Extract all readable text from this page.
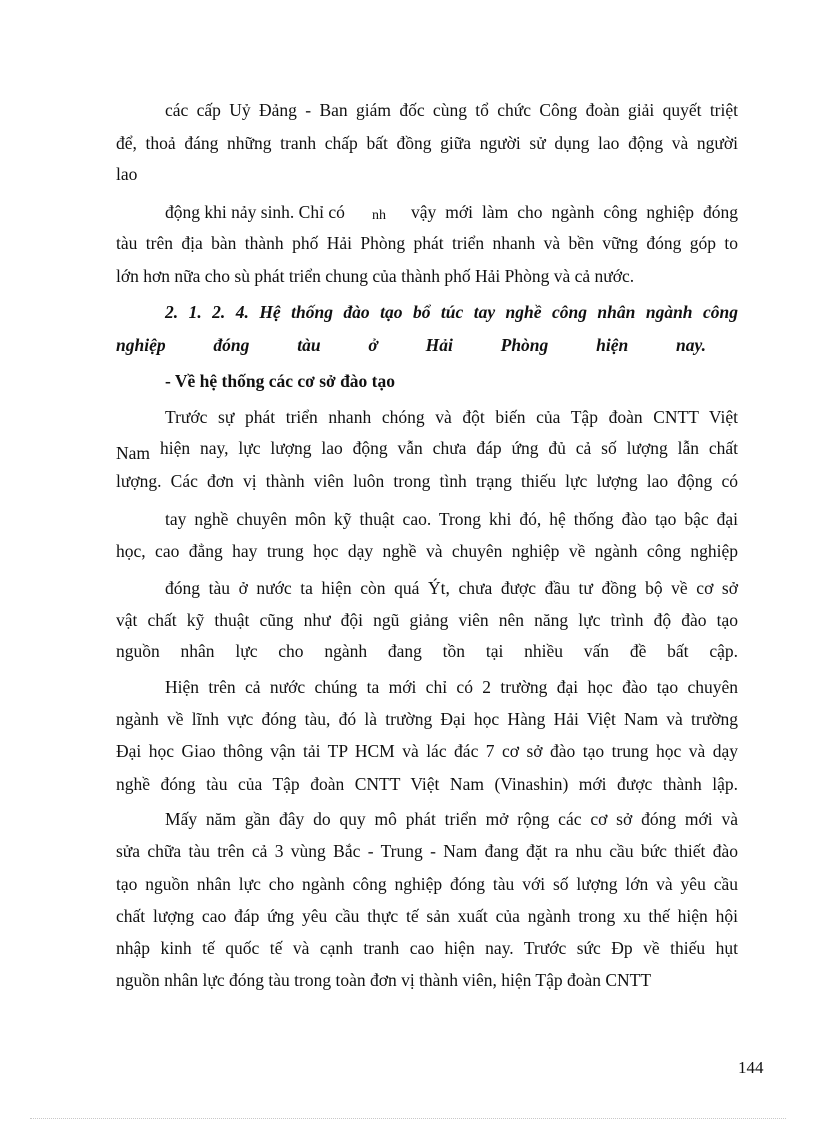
các cấp Uỷ Đảng - Ban giám đốc cùng tổ chức Công đoàn giải quyết triệt
để, thoả đáng những tranh chấp bất đồng giữa người sử dụng lao động và người
lao
động khi nảy sinh. Chỉ có nh vậy mới làm cho ngành công nghiệp đóng
tàu trên địa bàn thành phố Hải Phòng phát triển nhanh và bền vững đóng góp to
lớn hơn nữa cho sù phát triển chung của thành phố Hải Phòng và cả nước.
2. 1. 2. 4. Hệ thống đào tạo bổ túc tay nghề công nhân ngành công
nghiệp đóng tàu ở Hải Phòng hiện nay.
- Về hệ thống các cơ sở đào tạo
Trước sự phát triển nhanh chóng và đột biến của Tập đoàn CNTT Việt
Nam hiện nay, lực lượng lao động vẫn chưa đáp ứng đủ cả số lượng lẫn chất
lượng. Các đơn vị thành viên luôn trong tình trạng thiếu lực lượng lao động có
tay nghề chuyên môn kỹ thuật cao. Trong khi đó, hệ thống đào tạo bậc đại
học, cao đẳng hay trung học dạy nghề và chuyên nghiệp về ngành công nghiệp
đóng tàu ở nước ta hiện còn quá Ýt, chưa được đầu tư đồng bộ về cơ sở
vật chất kỹ thuật cũng như đội ngũ giảng viên nên năng lực trình độ đào tạo
nguồn nhân lực cho ngành đang tồn tại nhiều vấn đề bất cập.
Hiện trên cả nước chúng ta mới chỉ có 2 trường đại học đào tạo chuyên
ngành về lĩnh vực đóng tàu, đó là trường Đại học Hàng Hải Việt Nam và trường
Đại học Giao thông vận tải TP HCM và lác đác 7 cơ sở đào tạo trung học và dạy
nghề đóng tàu của Tập đoàn CNTT Việt Nam (Vinashin) mới được thành lập.
Mấy năm gần đây do quy mô phát triển mở rộng các cơ sở đóng mới và
sửa chữa tàu trên cả 3 vùng Bắc - Trung - Nam đang đặt ra nhu cầu bức thiết đào
tạo nguồn nhân lực cho ngành công nghiệp đóng tàu với số lượng lớn và yêu cầu
chất lượng cao đáp ứng yêu cầu thực tế sản xuất của ngành trong xu thế hiện hội
nhập kinh tế quốc tế và cạnh tranh cao hiện nay. Trước sức Ðp về thiếu hụt
nguồn nhân lực đóng tàu trong toàn đơn vị thành viên, hiện Tập đoàn CNTT
144
